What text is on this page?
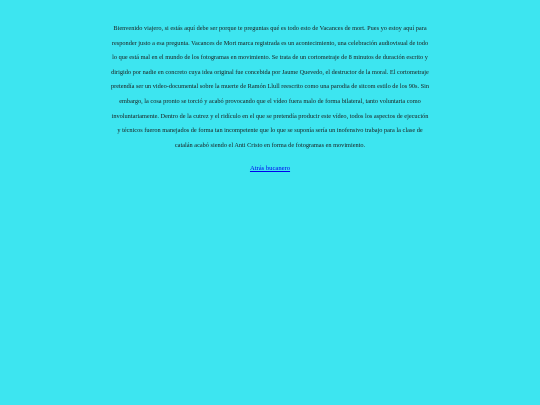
Bienvenido viajero, si estás aquí debe ser porque te preguntas qué es todo esto de Vacances de mort. Pues yo estoy aquí para responder justo a esa pregunta. Vacances de Mort marca registrada es un acontecimiento, una celebración audiovisual de todo lo que está mal en el mundo de los fotogramas en movimiento. Se trata de un cortometraje de 8 minutos de duración escrito y dirigido por nadie en concreto cuya idea original fue concebida por Jaume Quevedo, el destructor de la moral. El cortometraje pretendía ser un video-documental sobre la muerte de Ramón Llull reescrito como una parodia de sitcom estilo de los 90s. Sin embargo, la cosa pronto se torció y acabó provocando que el vídeo fuera malo de forma bilateral, tanto voluntaria como involuntariamente. Dentro de la cutrez y el ridículo en el que se pretendía producir este vídeo, todos los aspectos de ejecución y técnicos fueron manejados de forma tan incompetente que lo que se suponía sería un inofensivo trabajo para la clase de catalán acabó siendo el Anti Cristo en forma de fotogramas en movimiento.

Atrás bucanero
